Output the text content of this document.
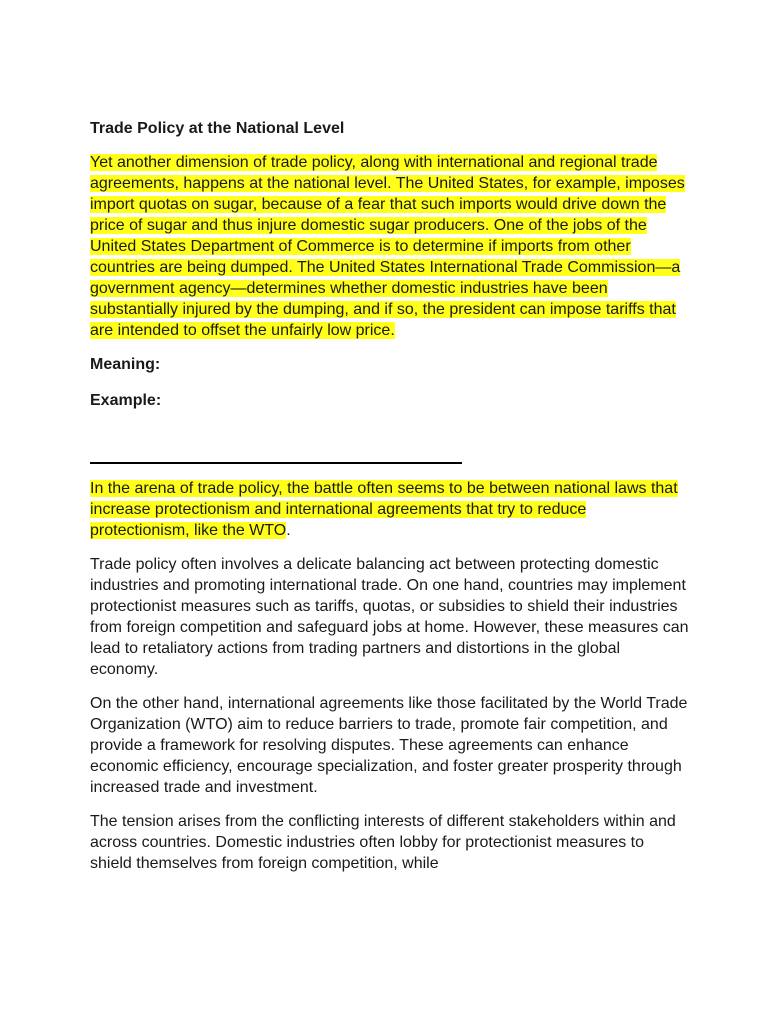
Trade Policy at the National Level

Yet another dimension of trade policy, along with international and regional trade agreements, happens at the national level. The United States, for example, imposes import quotas on sugar, because of a fear that such imports would drive down the price of sugar and thus injure domestic sugar producers. One of the jobs of the United States Department of Commerce is to determine if imports from other countries are being dumped. The United States International Trade Commission—a government agency—determines whether domestic industries have been substantially injured by the dumping, and if so, the president can impose tariffs that are intended to offset the unfairly low price.

Meaning:
Example:

In the arena of trade policy, the battle often seems to be between national laws that increase protectionism and international agreements that try to reduce protectionism, like the WTO.

Trade policy often involves a delicate balancing act between protecting domestic industries and promoting international trade. On one hand, countries may implement protectionist measures such as tariffs, quotas, or subsidies to shield their industries from foreign competition and safeguard jobs at home. However, these measures can lead to retaliatory actions from trading partners and distortions in the global economy.

On the other hand, international agreements like those facilitated by the World Trade Organization (WTO) aim to reduce barriers to trade, promote fair competition, and provide a framework for resolving disputes. These agreements can enhance economic efficiency, encourage specialization, and foster greater prosperity through increased trade and investment.

The tension arises from the conflicting interests of different stakeholders within and across countries. Domestic industries often lobby for protectionist measures to shield themselves from foreign competition, while
